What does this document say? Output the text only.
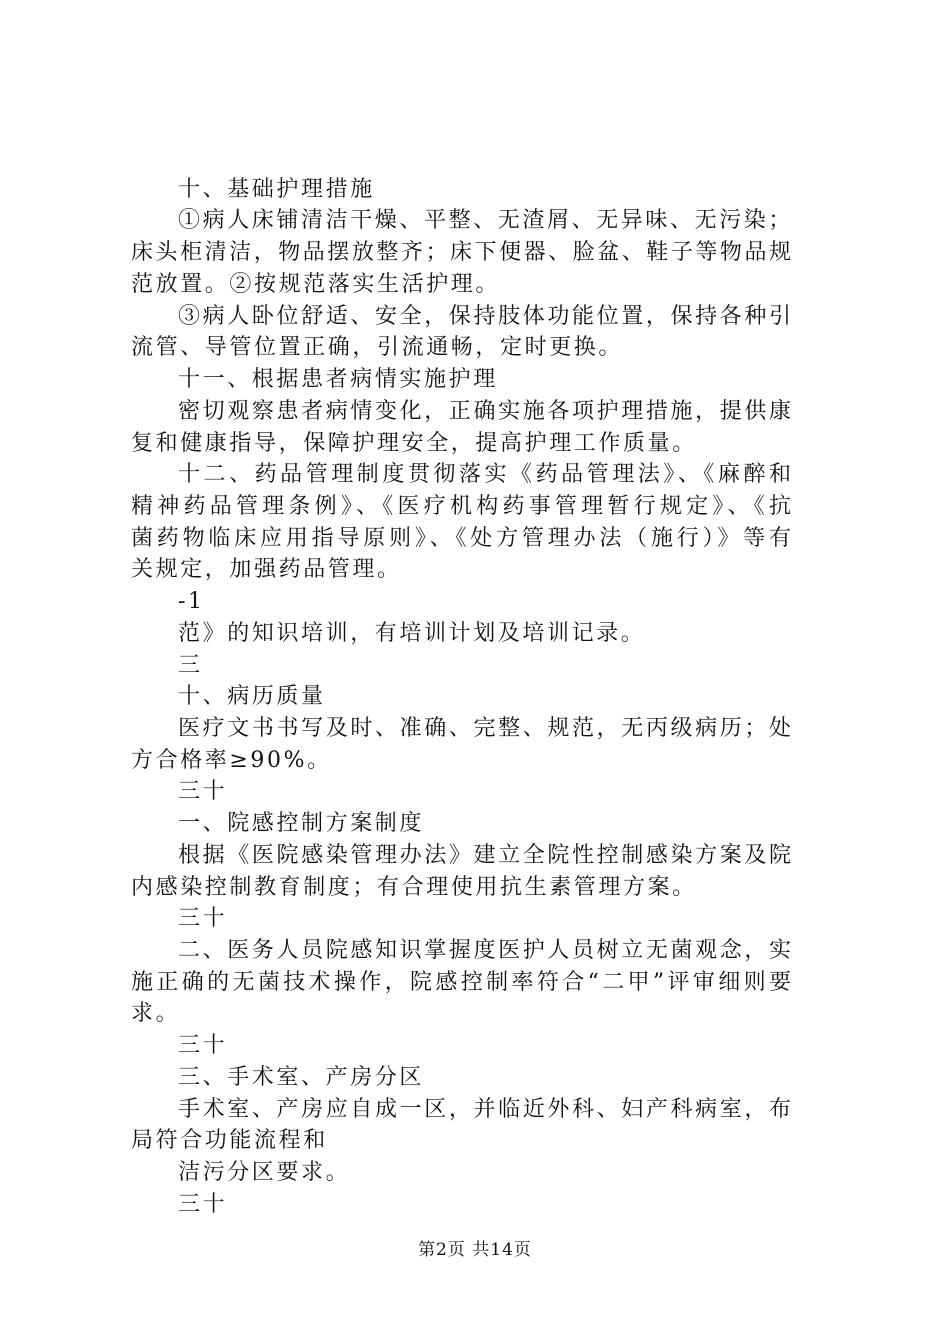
十、基础护理措施
①病人床铺清洁干燥、平整、无渣屑、无异味、无污染；
床头柜清洁，物品摆放整齐；床下便器、脸盆、鞋子等物品规
范放置。②按规范落实生活护理。
③病人卧位舒适、安全，保持肢体功能位置，保持各种引
流管、导管位置正确，引流通畅，定时更换。
十一、根据患者病情实施护理
密切观察患者病情变化，正确实施各项护理措施，提供康
复和健康指导，保障护理安全，提高护理工作质量。
十二、药品管理制度贯彻落实《药品管理法》、《麻醉和
精神药品管理条例》、《医疗机构药事管理暂行规定》、《抗
菌药物临床应用指导原则》、《处方管理办法（施行）》等有
关规定，加强药品管理。
-1
范》的知识培训，有培训计划及培训记录。
三
十、病历质量
医疗文书书写及时、准确、完整、规范，无丙级病历；处
方合格率≥90%。
三十
一、院感控制方案制度
根据《医院感染管理办法》建立全院性控制感染方案及院
内感染控制教育制度；有合理使用抗生素管理方案。
三十
二、医务人员院感知识掌握度医护人员树立无菌观念，实
施正确的无菌技术操作，院感控制率符合“二甲”评审细则要
求。
三十
三、手术室、产房分区
手术室、产房应自成一区，并临近外科、妇产科病室，布
局符合功能流程和
洁污分区要求。
三十
第2页 共14页
